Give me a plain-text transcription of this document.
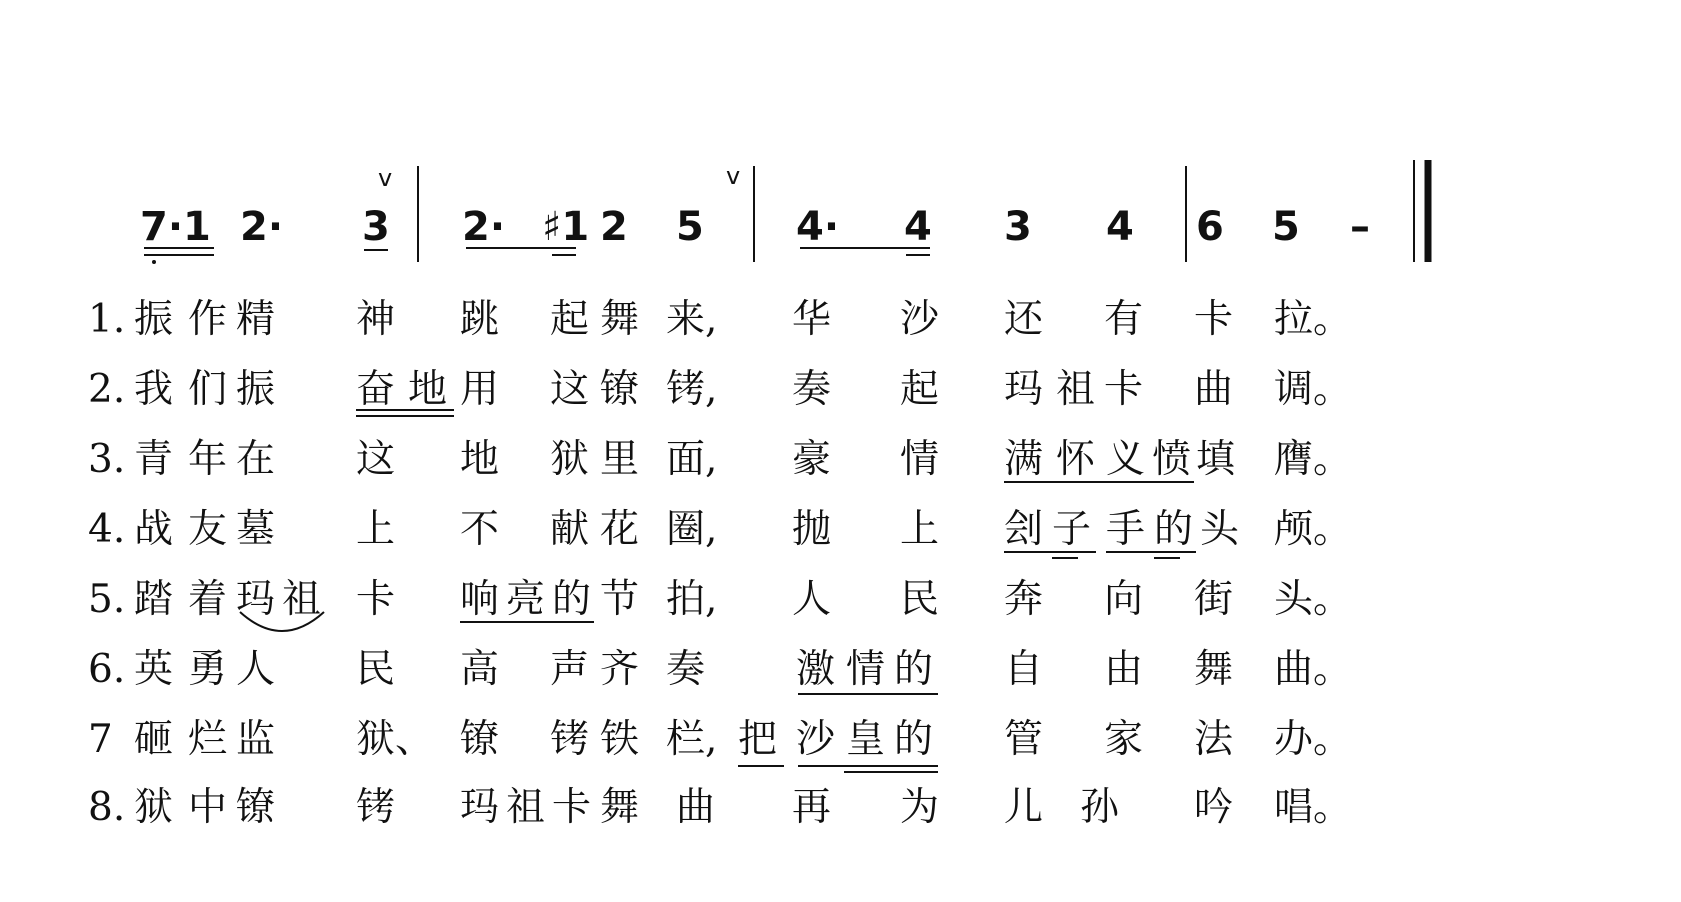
7·1 2· 3 2· ♯1 2 5 4· 4 3 4 6 5 –
v	v
1. 振 作 精 神 跳 起 舞 来, 华 沙 还 有 卡 拉。
2. 我 们 振 奋 地 用 这 镣 铐, 奏 起 玛 祖 卡 曲 调。
3. 青 年 在 这 地 狱 里 面, 豪 情 满 怀 义 愤 填 膺。
4. 战 友 墓 上 不 献 花 圈, 抛 上 刽 子 手 的 头 颅。
5. 踏 着 玛 祖 卡 响 亮 的 节 拍, 人 民 奔 向 街 头。
6. 英 勇 人 民 高 声 齐 奏 激 情 的 自 由 舞 曲。
7 砸 烂 监 狱、 镣 铐 铁 栏, 把 沙 皇 的 管 家 法 办。
8. 狱 中 镣 铐 玛 祖 卡 舞 曲 再 为 儿 孙 吟 唱。
